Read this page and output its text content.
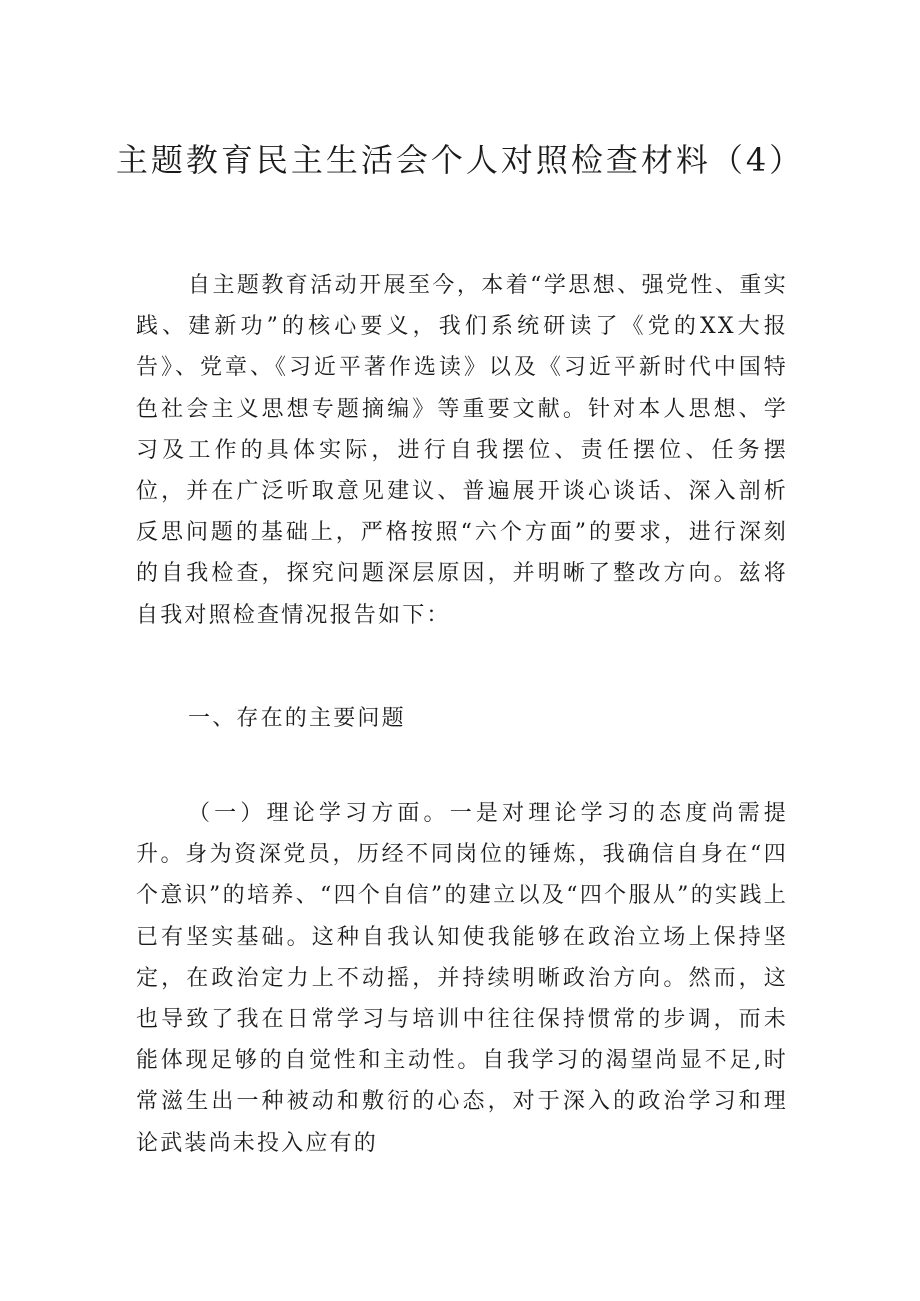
主题教育民主生活会个人对照检查材料（4）

自主题教育活动开展至今，本着“学思想、强党性、重实践、建新功”的核心要义，我们系统研读了《党的XX大报告》、党章、《习近平著作选读》以及《习近平新时代中国特色社会主义思想专题摘编》等重要文献。针对本人思想、学习及工作的具体实际，进行自我摆位、责任摆位、任务摆位，并在广泛听取意见建议、普遍展开谈心谈话、深入剖析反思问题的基础上，严格按照“六个方面”的要求，进行深刻的自我检查，探究问题深层原因，并明晰了整改方向。兹将自我对照检查情况报告如下：

一、存在的主要问题

（一）理论学习方面。一是对理论学习的态度尚需提升。身为资深党员，历经不同岗位的锤炼，我确信自身在“四个意识”的培养、“四个自信”的建立以及“四个服从”的实践上已有坚实基础。这种自我认知使我能够在政治立场上保持坚定，在政治定力上不动摇，并持续明晰政治方向。然而，这也导致了我在日常学习与培训中往往保持惯常的步调，而未能体现足够的自觉性和主动性。自我学习的渴望尚显不足,时常滋生出一种被动和敷衍的心态，对于深入的政治学习和理论武装尚未投入应有的
